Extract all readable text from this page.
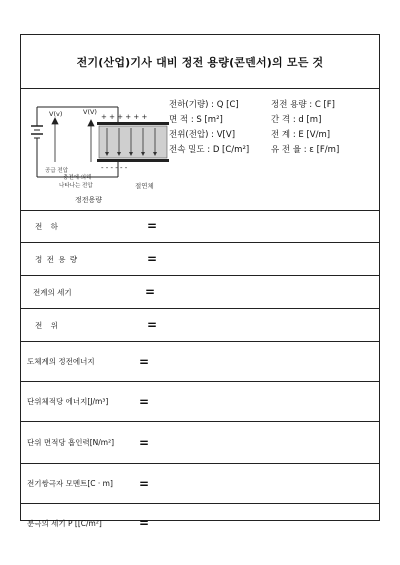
전기(산업)기사 대비 정전 용량(콘덴서)의 모든 것
V(v)
공급 전압
+ + + + + +
- - - - - -
V(V)
충전에 의해
나타나는 전압	절연체
정전용량
전하(기량) : Q [C]	정전 용량 : C [F]
면 적 : S [m²]	간 격 : d [m]
전위(전압) : V[V]	전 계 : E [V/m]
전속 밀도 : D [C/m²]	유 전 율 : ε [F/m]
전 하	=
정 전 용 량	=
전계의 세기	=
전 위	=
도체계의 정전에너지	=
단위체적당 에너지[J/m³]	=
단위 면적당 흡인력[N/m²]	=
전기쌍극자 모멘트[C · m]	=
분극의 세기 P [[C/m²]	=
